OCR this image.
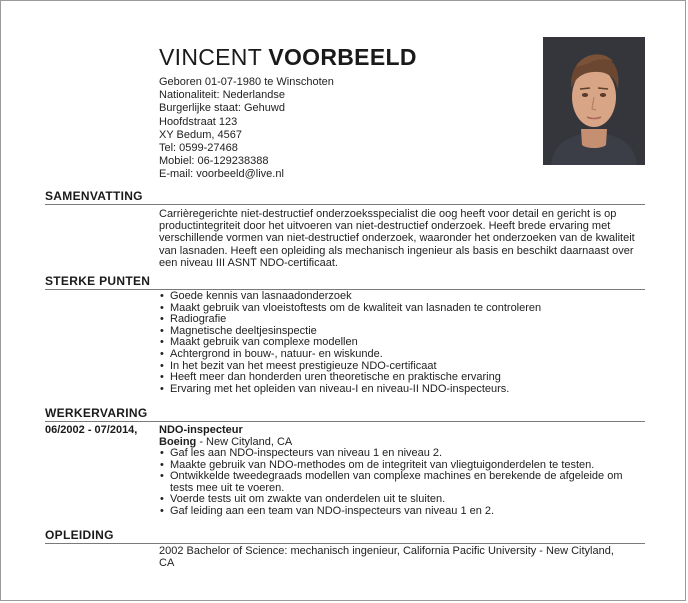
VINCENT VOORBEELD
Geboren 01-07-1980 te Winschoten
Nationaliteit: Nederlandse
Burgerlijke staat: Gehuwd
Hoofdstraat 123
XY Bedum, 4567
Tel: 0599-27468
Mobiel: 06-129238388
E-mail: voorbeeld@live.nl
SAMENVATTING
Carrièregerichte niet-destructief onderzoeksspecialist die oog heeft voor detail en gericht is op productintegriteit door het uitvoeren van niet-destructief onderzoek. Heeft brede ervaring met verschillende vormen van niet-destructief onderzoek, waaronder het onderzoeken van de kwaliteit van lasnaden. Heeft een opleiding als mechanisch ingenieur als basis en beschikt daarnaast over een niveau III ASNT NDO-certificaat.
STERKE PUNTEN
• Goede kennis van lasnaadonderzoek
• Maakt gebruik van vloeistoftests om de kwaliteit van lasnaden te controleren
• Radiografie
• Magnetische deeltjesinspectie
• Maakt gebruik van complexe modellen
• Achtergrond in bouw-, natuur- en wiskunde.
• In het bezit van het meest prestigieuze NDO-certificaat
• Heeft meer dan honderden uren theoretische en praktische ervaring
• Ervaring met het opleiden van niveau-I en niveau-II NDO-inspecteurs.
WERKERVARING
06/2002 - 07/2014, NDO-inspecteur
Boeing - New Cityland, CA
• Gaf les aan NDO-inspecteurs van niveau 1 en niveau 2.
• Maakte gebruik van NDO-methodes om de integriteit van vliegtuigonderdelen te testen.
• Ontwikkelde tweedegraads modellen van complexe machines en berekende de afgeleide om tests mee uit te voeren.
• Voerde tests uit om zwakte van onderdelen uit te sluiten.
• Gaf leiding aan een team van NDO-inspecteurs van niveau 1 en 2.
OPLEIDING
2002 Bachelor of Science: mechanisch ingenieur, California Pacific University - New Cityland, CA
